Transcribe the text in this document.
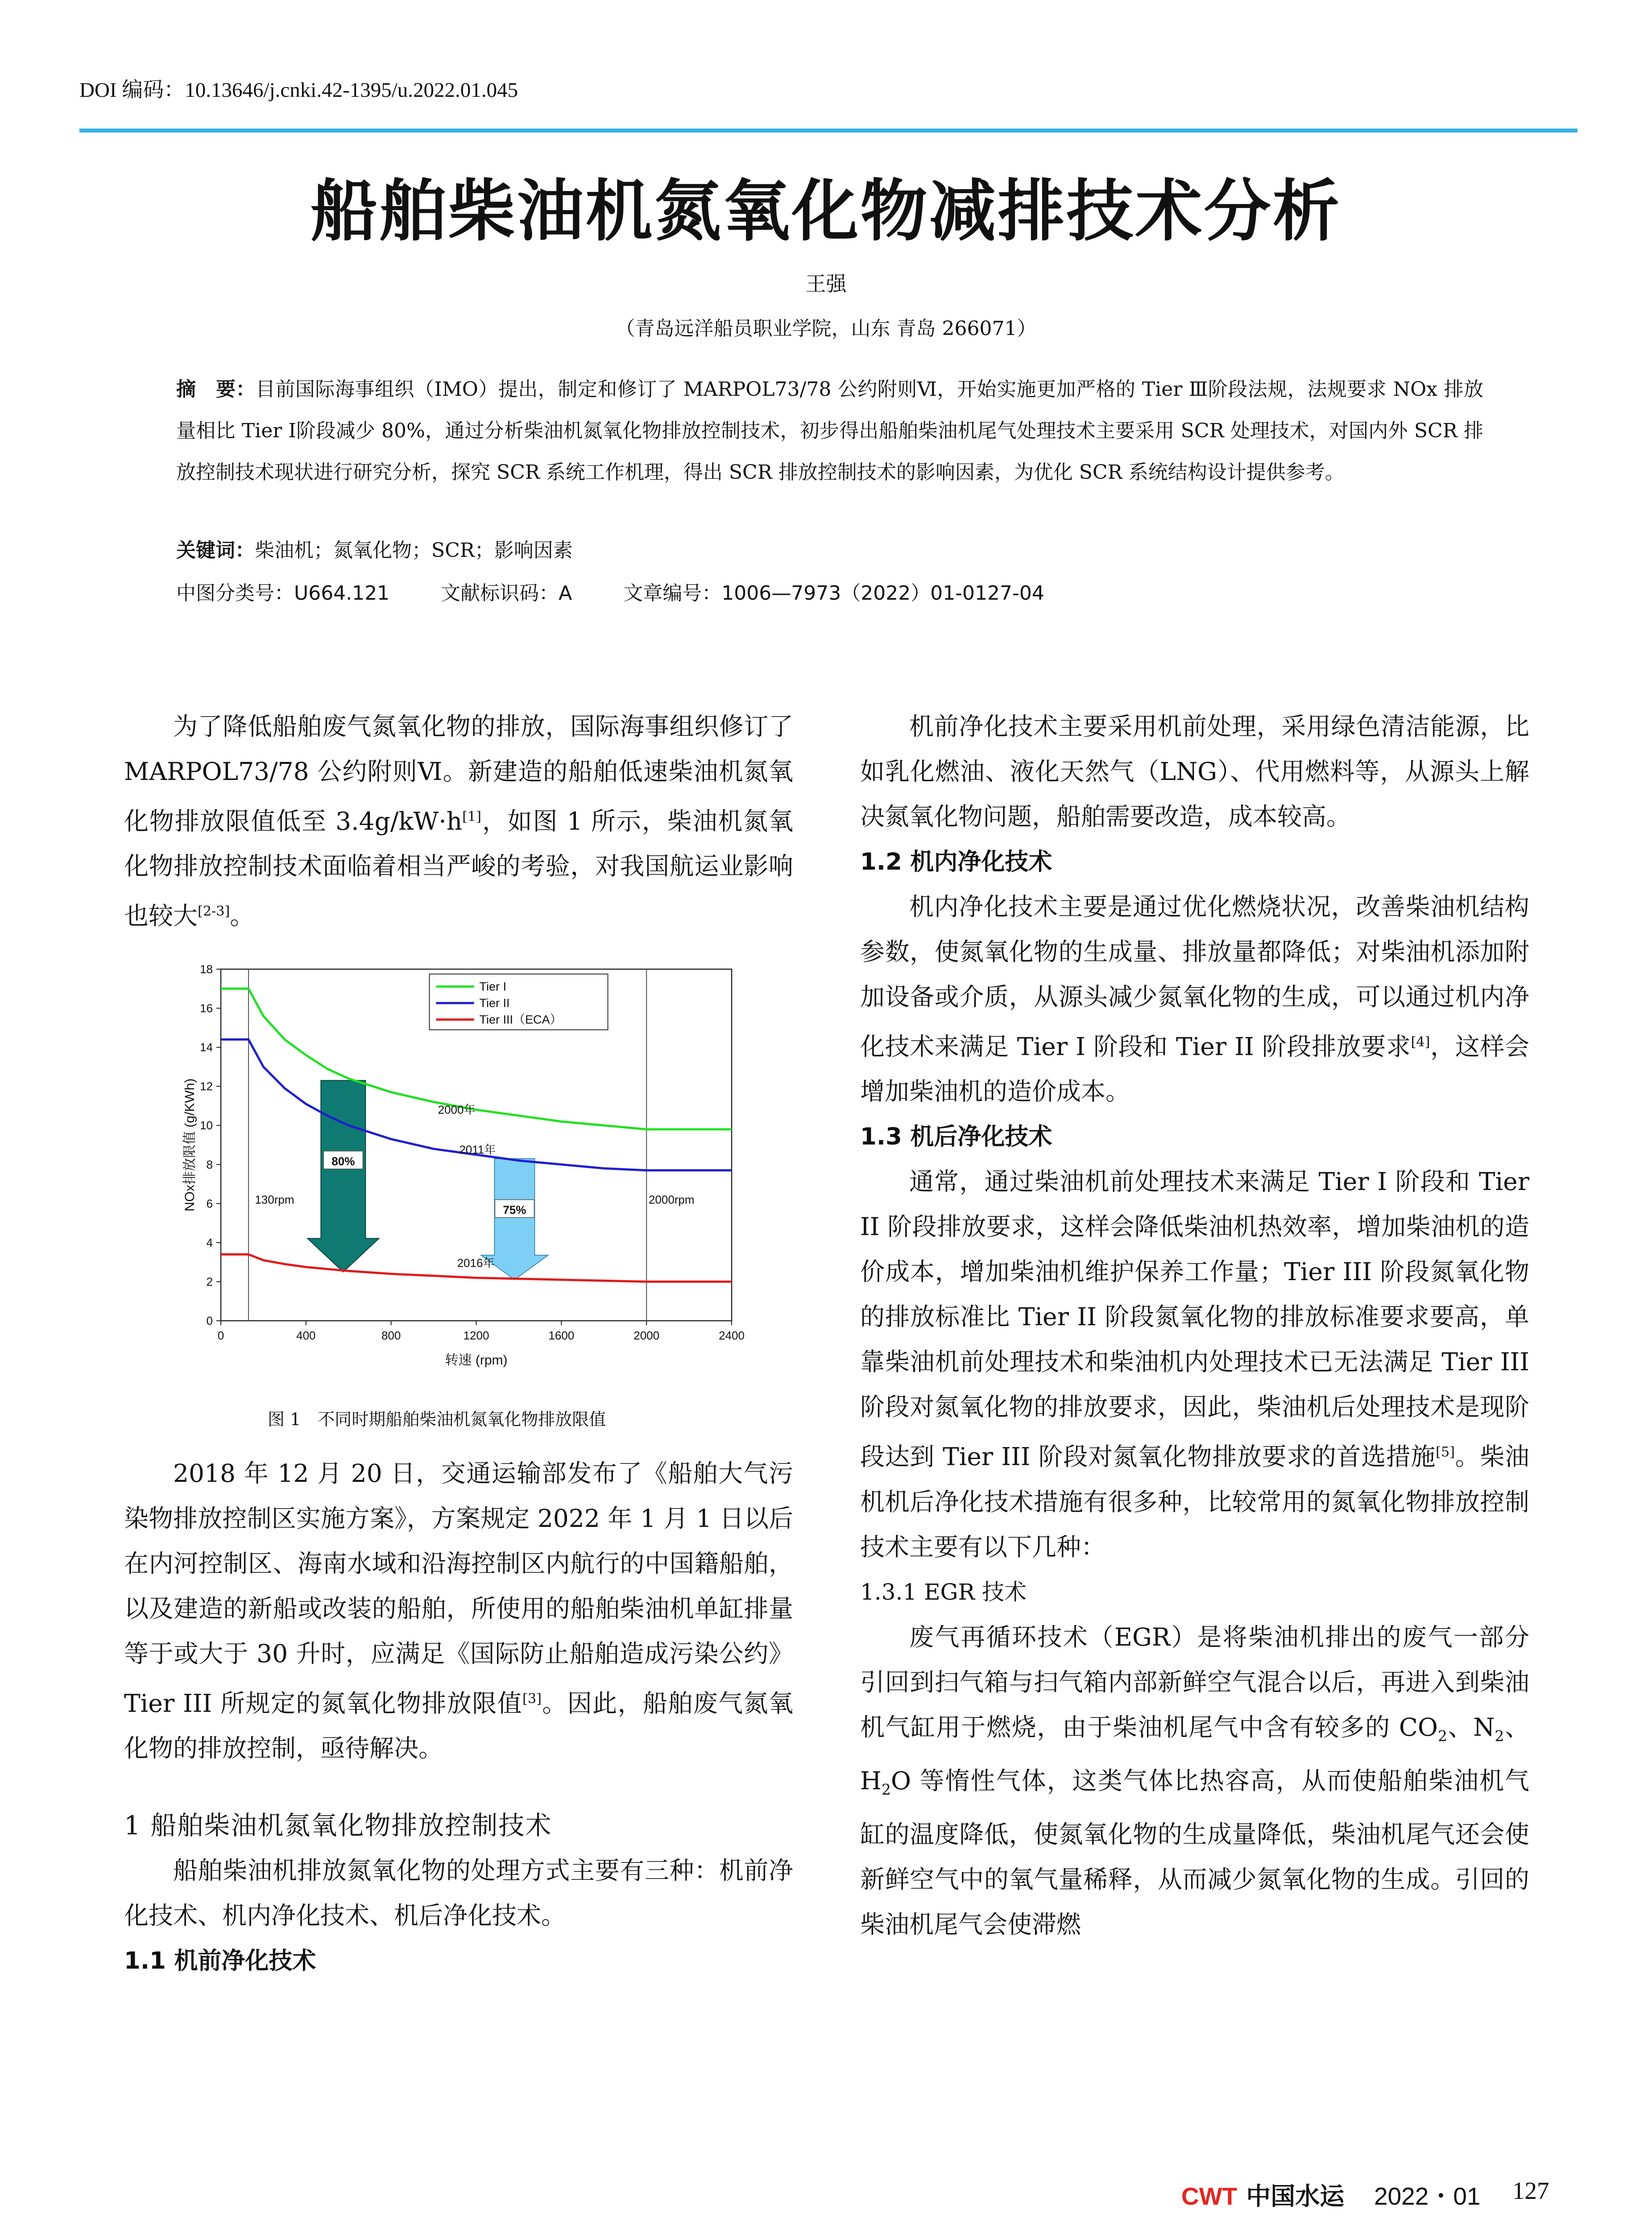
DOI 编码：10.13646/j.cnki.42-1395/u.2022.01.045
船舶柴油机氮氧化物减排技术分析
王强
（青岛远洋船员职业学院，山东 青岛 266071）
摘　要：目前国际海事组织（IMO）提出，制定和修订了 MARPOL73/78 公约附则Ⅵ，开始实施更加严格的 Tier Ⅲ阶段法规，法规要求 NOx 排放量相比 Tier Ⅰ阶段减少 80%，通过分析柴油机氮氧化物排放控制技术，初步得出船舶柴油机尾气处理技术主要采用 SCR 处理技术，对国内外 SCR 排放控制技术现状进行研究分析，探究 SCR 系统工作机理，得出 SCR 排放控制技术的影响因素，为优化 SCR 系统结构设计提供参考。
关键词：柴油机；氮氧化物；SCR；影响因素
中图分类号：U664.121	文献标识码：A	文章编号：1006—7973（2022）01-0127-04

为了降低船舶废气氮氧化物的排放，国际海事组织修订了 MARPOL73/78 公约附则Ⅵ。新建造的船舶低速柴油机氮氧化物排放限值低至 3.4g/kW·h[1]，如图 1 所示，柴油机氮氧化物排放控制技术面临着相当严峻的考验，对我国航运业影响也较大[2-3]。

80%
75%
0
2
4
6
8
10
12
14
16
18
0	400	800	1200	1600	2000	2400
转速 (rpm)
NOx排放限值 (g/KWh)	2000年
2011年
2016年
130rpm	2000rpm
Tier I
Tier II
Tier III（ECA）
图 1　不同时期船舶柴油机氮氧化物排放限值

2018 年 12 月 20 日，交通运输部发布了《船舶大气污染物排放控制区实施方案》，方案规定 2022 年 1 月 1 日以后在内河控制区、海南水域和沿海控制区内航行的中国籍船舶，以及建造的新船或改装的船舶，所使用的船舶柴油机单缸排量等于或大于 30 升时，应满足《国际防止船舶造成污染公约》Tier III 所规定的氮氧化物排放限值[3]。因此，船舶废气氮氧化物的排放控制，亟待解决。

1 船舶柴油机氮氧化物排放控制技术

船舶柴油机排放氮氧化物的处理方式主要有三种：机前净化技术、机内净化技术、机后净化技术。

1.1 机前净化技术

机前净化技术主要采用机前处理，采用绿色清洁能源，比如乳化燃油、液化天然气（LNG）、代用燃料等，从源头上解决氮氧化物问题，船舶需要改造，成本较高。

1.2 机内净化技术

机内净化技术主要是通过优化燃烧状况，改善柴油机结构参数，使氮氧化物的生成量、排放量都降低；对柴油机添加附加设备或介质，从源头减少氮氧化物的生成，可以通过机内净化技术来满足 Tier I 阶段和 Tier II 阶段排放要求[4]，这样会增加柴油机的造价成本。

1.3 机后净化技术

通常，通过柴油机前处理技术来满足 Tier I 阶段和 Tier II 阶段排放要求，这样会降低柴油机热效率，增加柴油机的造价成本，增加柴油机维护保养工作量；Tier III 阶段氮氧化物的排放标准比 Tier II 阶段氮氧化物的排放标准要求要高，单靠柴油机前处理技术和柴油机内处理技术已无法满足 Tier III 阶段对氮氧化物的排放要求，因此，柴油机后处理技术是现阶段达到 Tier III 阶段对氮氧化物排放要求的首选措施[5]。柴油机机后净化技术措施有很多种，比较常用的氮氧化物排放控制技术主要有以下几种：

1.3.1 EGR 技术

废气再循环技术（EGR）是将柴油机排出的废气一部分引回到扫气箱与扫气箱内部新鲜空气混合以后，再进入到柴油机气缸用于燃烧，由于柴油机尾气中含有较多的 $CO_2$、$N_2$、$H_2O$ 等惰性气体，这类气体比热容高，从而使船舶柴油机气缸的温度降低，使氮氧化物的生成量降低，柴油机尾气还会使新鲜空气中的氧气量稀释，从而减少氮氧化物的生成。引回的柴油机尾气会使滞燃

CWT 中国水运 2022・01 127
